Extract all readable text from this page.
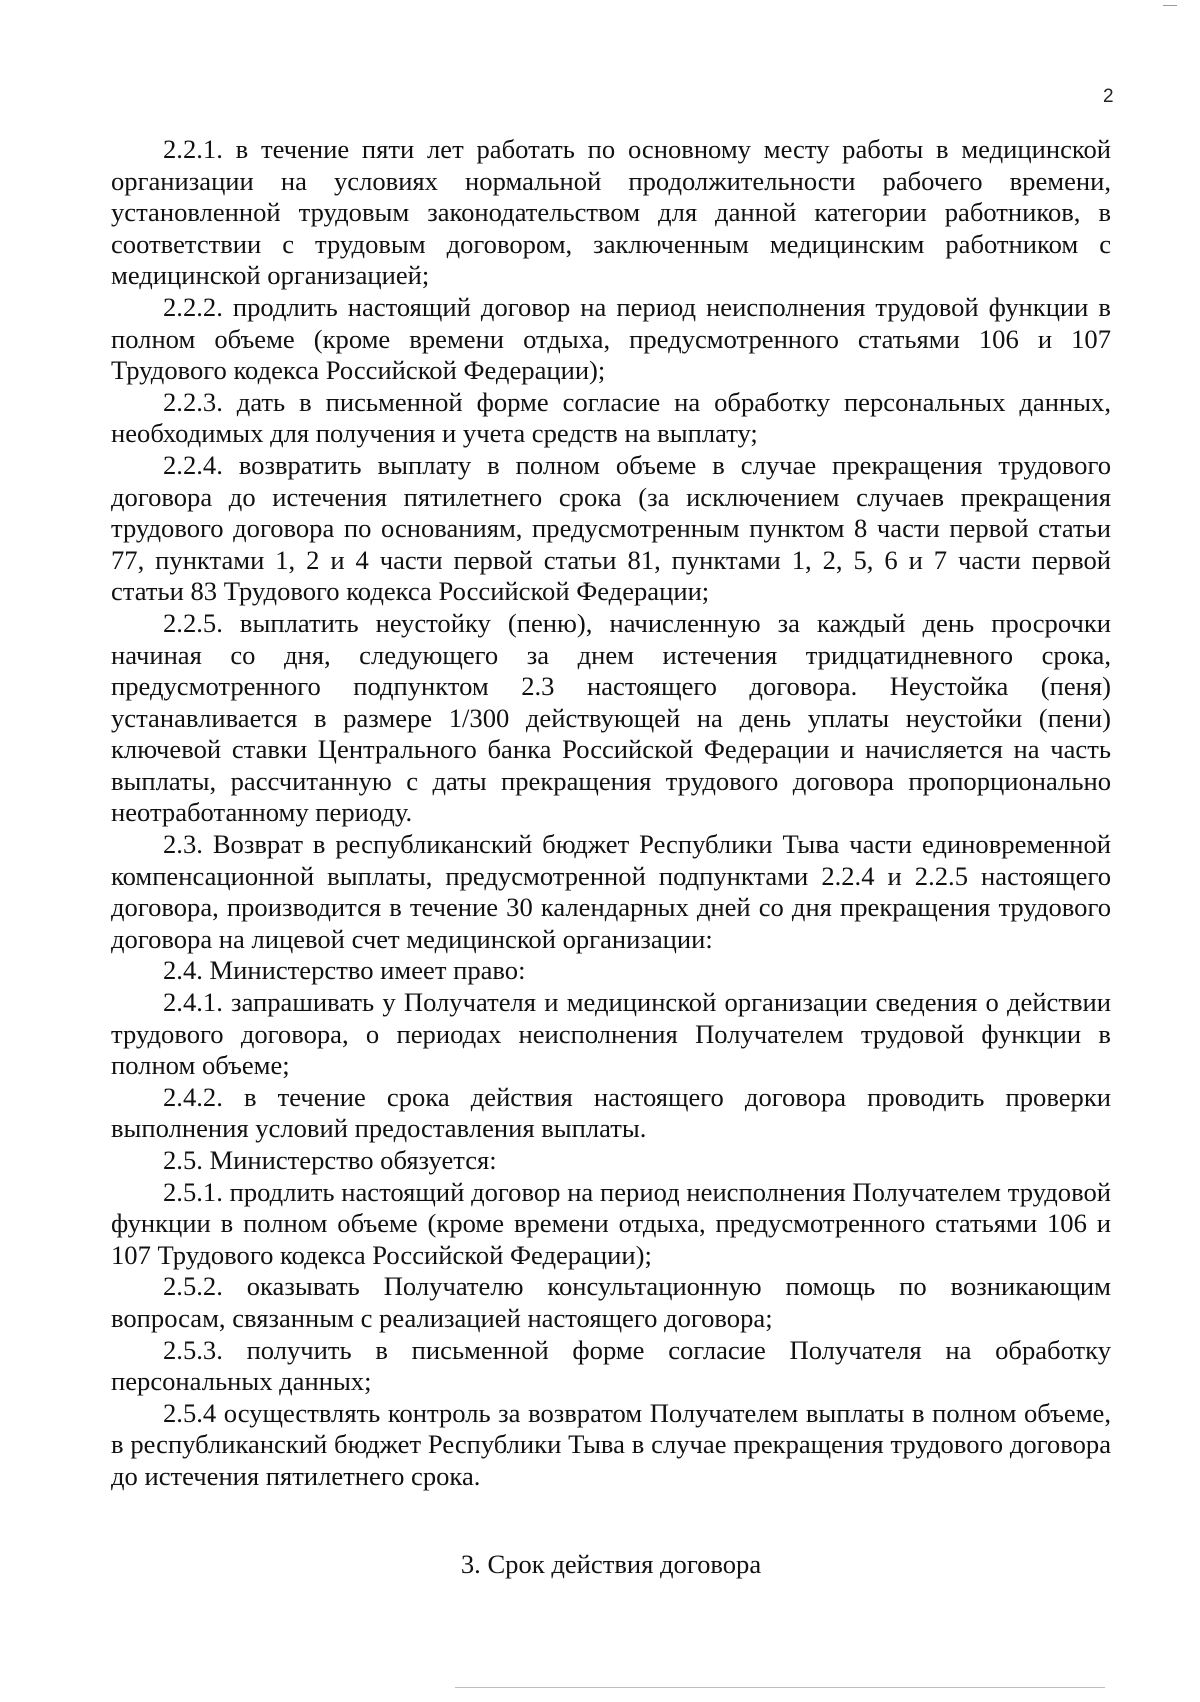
2

2.2.1. в течение пяти лет работать по основному месту работы в медицинской организации на условиях нормальной продолжительности рабочего времени, установленной трудовым законодательством для данной категории работников, в соответствии с трудовым договором, заключенным медицинским работником с медицинской организацией;

2.2.2. продлить настоящий договор на период неисполнения трудовой функции в полном объеме (кроме времени отдыха, предусмотренного статьями 106 и 107 Трудового кодекса Российской Федерации);

2.2.3. дать в письменной форме согласие на обработку персональных данных, необходимых для получения и учета средств на выплату;

2.2.4. возвратить выплату в полном объеме в случае прекращения трудового договора до истечения пятилетнего срока (за исключением случаев прекращения трудового договора по основаниям, предусмотренным пунктом 8 части первой статьи 77, пунктами 1, 2 и 4 части первой статьи 81, пунктами 1, 2, 5, 6 и 7 части первой статьи 83 Трудового кодекса Российской Федерации;

2.2.5. выплатить неустойку (пеню), начисленную за каждый день просрочки начиная со дня, следующего за днем истечения тридцатидневного срока, предусмотренного подпунктом 2.3 настоящего договора. Неустойка (пеня) устанавливается в размере 1/300 действующей на день уплаты неустойки (пени) ключевой ставки Центрального банка Российской Федерации и начисляется на часть выплаты, рассчитанную с даты прекращения трудового договора пропорционально неотработанному периоду.

2.3. Возврат в республиканский бюджет Республики Тыва части единовременной компенсационной выплаты, предусмотренной подпунктами 2.2.4 и 2.2.5 настоящего договора, производится в течение 30 календарных дней со дня прекращения трудового договора на лицевой счет медицинской организации:

2.4. Министерство имеет право:

2.4.1. запрашивать у Получателя и медицинской организации сведения о действии трудового договора, о периодах неисполнения Получателем трудовой функции в полном объеме;

2.4.2. в течение срока действия настоящего договора проводить проверки выполнения условий предоставления выплаты.

2.5. Министерство обязуется:

2.5.1. продлить настоящий договор на период неисполнения Получателем трудовой функции в полном объеме (кроме времени отдыха, предусмотренного статьями 106 и 107 Трудового кодекса Российской Федерации);

2.5.2. оказывать Получателю консультационную помощь по возникающим вопросам, связанным с реализацией настоящего договора;

2.5.3. получить в письменной форме согласие Получателя на обработку персональных данных;

2.5.4 осуществлять контроль за возвратом Получателем выплаты в полном объеме, в республиканский бюджет Республики Тыва в случае прекращения трудового договора до истечения пятилетнего срока.

3. Срок действия договора
